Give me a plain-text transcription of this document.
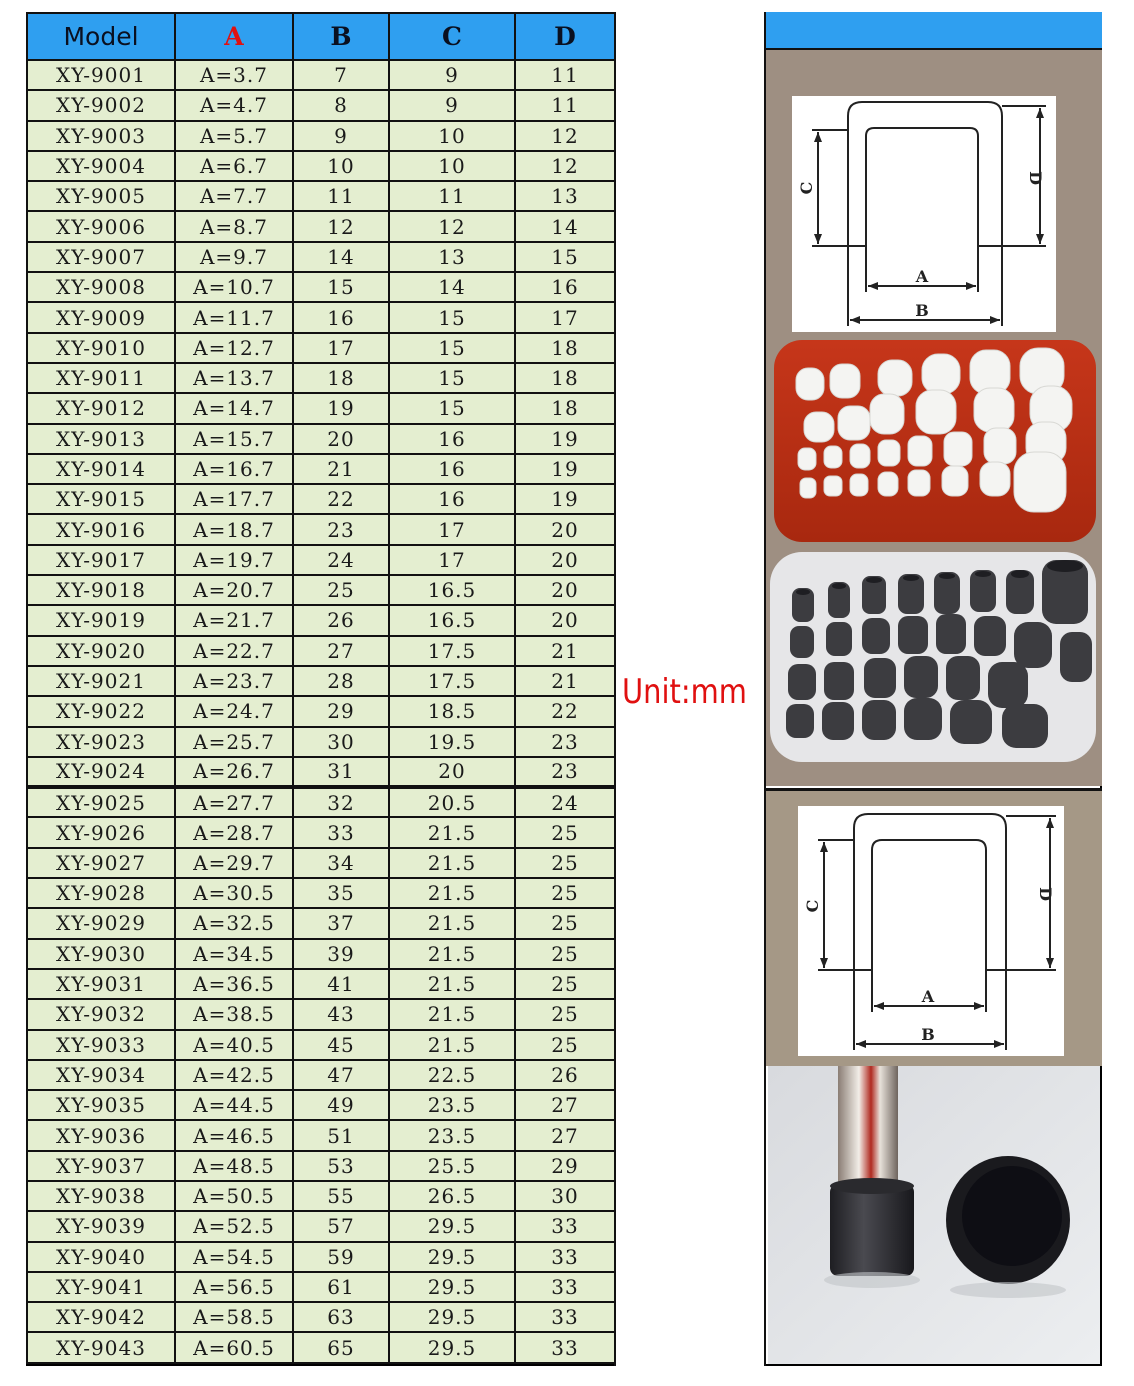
Model	A	B	C	D
XY-9001	A=3.7	7	9	11
XY-9002	A=4.7	8	9	11
XY-9003	A=5.7	9	10	12
XY-9004	A=6.7	10	10	12
XY-9005	A=7.7	11	11	13
XY-9006	A=8.7	12	12	14
XY-9007	A=9.7	14	13	15
XY-9008	A=10.7	15	14	16
XY-9009	A=11.7	16	15	17
XY-9010	A=12.7	17	15	18
XY-9011	A=13.7	18	15	18
XY-9012	A=14.7	19	15	18
XY-9013	A=15.7	20	16	19
XY-9014	A=16.7	21	16	19
XY-9015	A=17.7	22	16	19
XY-9016	A=18.7	23	17	20
XY-9017	A=19.7	24	17	20
XY-9018	A=20.7	25	16.5	20
XY-9019	A=21.7	26	16.5	20
XY-9020	A=22.7	27	17.5	21
XY-9021	A=23.7	28	17.5	21
XY-9022	A=24.7	29	18.5	22
XY-9023	A=25.7	30	19.5	23
XY-9024	A=26.7	31	20	23
XY-9025	A=27.7	32	20.5	24
XY-9026	A=28.7	33	21.5	25
XY-9027	A=29.7	34	21.5	25
XY-9028	A=30.5	35	21.5	25
XY-9029	A=32.5	37	21.5	25
XY-9030	A=34.5	39	21.5	25
XY-9031	A=36.5	41	21.5	25
XY-9032	A=38.5	43	21.5	25
XY-9033	A=40.5	45	21.5	25
XY-9034	A=42.5	47	22.5	26
XY-9035	A=44.5	49	23.5	27
XY-9036	A=46.5	51	23.5	27
XY-9037	A=48.5	53	25.5	29
XY-9038	A=50.5	55	26.5	30
XY-9039	A=52.5	57	29.5	33
XY-9040	A=54.5	59	29.5	33
XY-9041	A=56.5	61	29.5	33
XY-9042	A=58.5	63	29.5	33
XY-9043	A=60.5	65	29.5	33
Unit:mm
A
B
C
D
A
B
C
D
